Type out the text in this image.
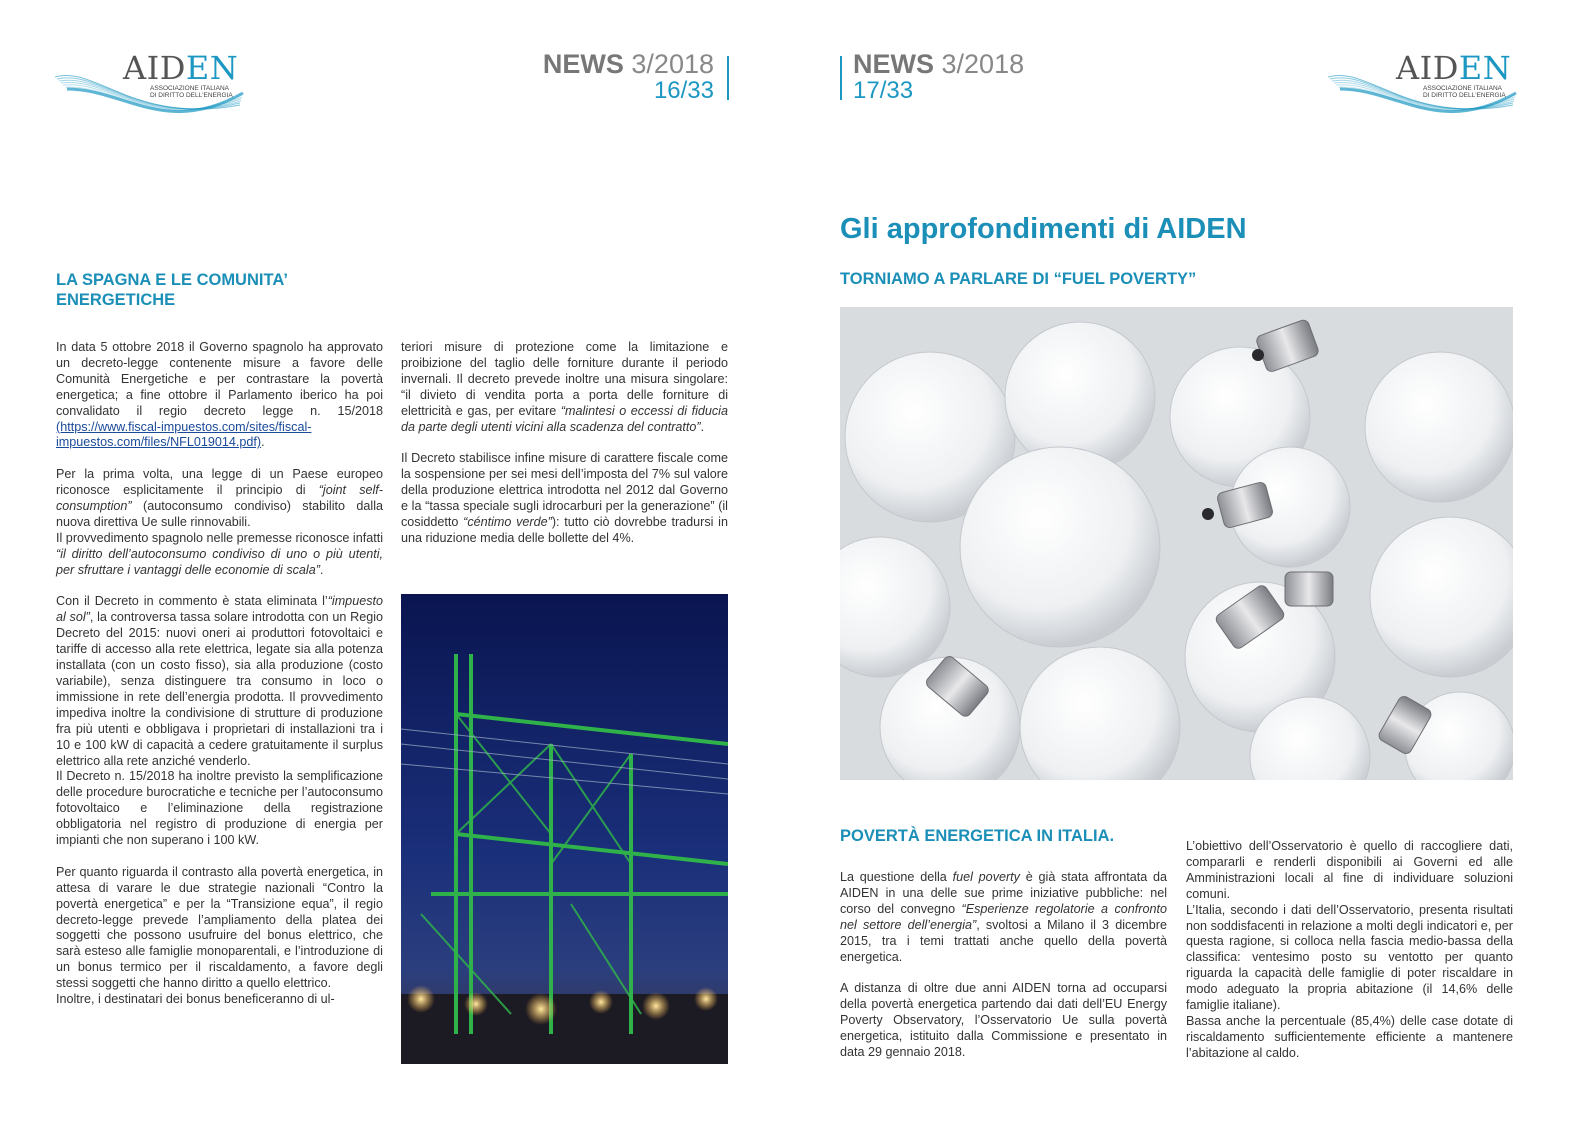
AIDEN
ASSOCIAZIONE ITALIANA
DI DIRITTO DELL'ENERGIA
NEWS 3/2018
16/33
LA SPAGNA E LE COMUNITA’
ENERGETICHE

In data 5 ottobre 2018 il Governo spagnolo ha approvato un decreto-legge contenente misure a favore delle Comunità Energetiche e per contrastare la povertà energetica; a fine ottobre il Parlamento iberico ha poi convalidato il regio decreto legge n. 15/2018 (https://www.fiscal-impuestos.com/sites/fiscal-impuestos.com/files/NFL019014.pdf).

Per la prima volta, una legge di un Paese europeo riconosce esplicitamente il principio di “joint self-consumption” (autoconsumo condiviso) stabilito dalla nuova direttiva Ue sulle rinnovabili.

Il provvedimento spagnolo nelle premesse riconosce infatti “il diritto dell’autoconsumo condiviso di uno o più utenti, per sfruttare i vantaggi delle economie di scala”.

Con il Decreto in commento è stata eliminata l’“impuesto al sol”, la controversa tassa solare introdotta con un Regio Decreto del 2015: nuovi oneri ai produttori fotovoltaici e tariffe di accesso alla rete elettrica, legate sia alla potenza installata (con un costo fisso), sia alla produzione (costo variabile), senza distinguere tra consumo in loco o immissione in rete dell’energia prodotta. Il provvedimento impediva inoltre la condivisione di strutture di produzione fra più utenti e obbligava i proprietari di installazioni tra i 10 e 100 kW di capacità a cedere gratuitamente il surplus elettrico alla rete anziché venderlo.

Il Decreto n. 15/2018 ha inoltre previsto la semplificazione delle procedure burocratiche e tecniche per l’autoconsumo fotovoltaico e l’eliminazione della registrazione obbligatoria nel registro di produzione di energia per impianti che non superano i 100 kW.

Per quanto riguarda il contrasto alla povertà energetica, in attesa di varare le due strategie nazionali “Contro la povertà energetica” e per la “Transizione equa”, il regio decreto-legge prevede l’ampliamento della platea dei soggetti che possono usufruire del bonus elettrico, che sarà esteso alle famiglie monoparentali, e l’introduzione di un bonus termico per il riscaldamento, a favore degli stessi soggetti che hanno diritto a quello elettrico.

Inoltre, i destinatari dei bonus beneficeranno di ul-

teriori misure di protezione come la limitazione e proibizione del taglio delle forniture durante il periodo invernali. Il decreto prevede inoltre una misura singolare: “il divieto di vendita porta a porta delle forniture di elettricità e gas, per evitare “malintesi o eccessi di fiducia da parte degli utenti vicini alla scadenza del contratto”.

Il Decreto stabilisce infine misure di carattere fiscale come la sospensione per sei mesi dell’imposta del 7% sul valore della produzione elettrica introdotta nel 2012 dal Governo e la “tassa speciale sugli idrocarburi per la generazione” (il cosiddetto “céntimo verde”): tutto ciò dovrebbe tradursi in una riduzione media delle bollette del 4%.

NEWS 3/2018
17/33
AIDEN
ASSOCIAZIONE ITALIANA
DI DIRITTO DELL'ENERGIA
Gli approfondimenti di AIDEN
TORNIAMO A PARLARE DI “FUEL POVERTY”
POVERTÀ ENERGETICA IN ITALIA.

La questione della fuel poverty è già stata affrontata da AIDEN in una delle sue prime iniziative pubbliche: nel corso del convegno “Esperienze regolatorie a confronto nel settore dell’energia”, svoltosi a Milano il 3 dicembre 2015, tra i temi trattati anche quello della povertà energetica.

A distanza di oltre due anni AIDEN torna ad occuparsi della povertà energetica partendo dai dati dell’EU Energy Poverty Observatory, l’Osservatorio Ue sulla povertà energetica, istituito dalla Commissione e presentato in data 29 gennaio 2018.

L’obiettivo dell’Osservatorio è quello di raccogliere dati, compararli e renderli disponibili ai Governi ed alle Amministrazioni locali al fine di individuare soluzioni comuni.

L’Italia, secondo i dati dell’Osservatorio, presenta risultati non soddisfacenti in relazione a molti degli indicatori e, per questa ragione, si colloca nella fascia medio-bassa della classifica: ventesimo posto su ventotto per quanto riguarda la capacità delle famiglie di poter riscaldare in modo adeguato la propria abitazione (il 14,6% delle famiglie italiane).

Bassa anche la percentuale (85,4%) delle case dotate di riscaldamento sufficientemente efficiente a mantenere l’abitazione al caldo.
